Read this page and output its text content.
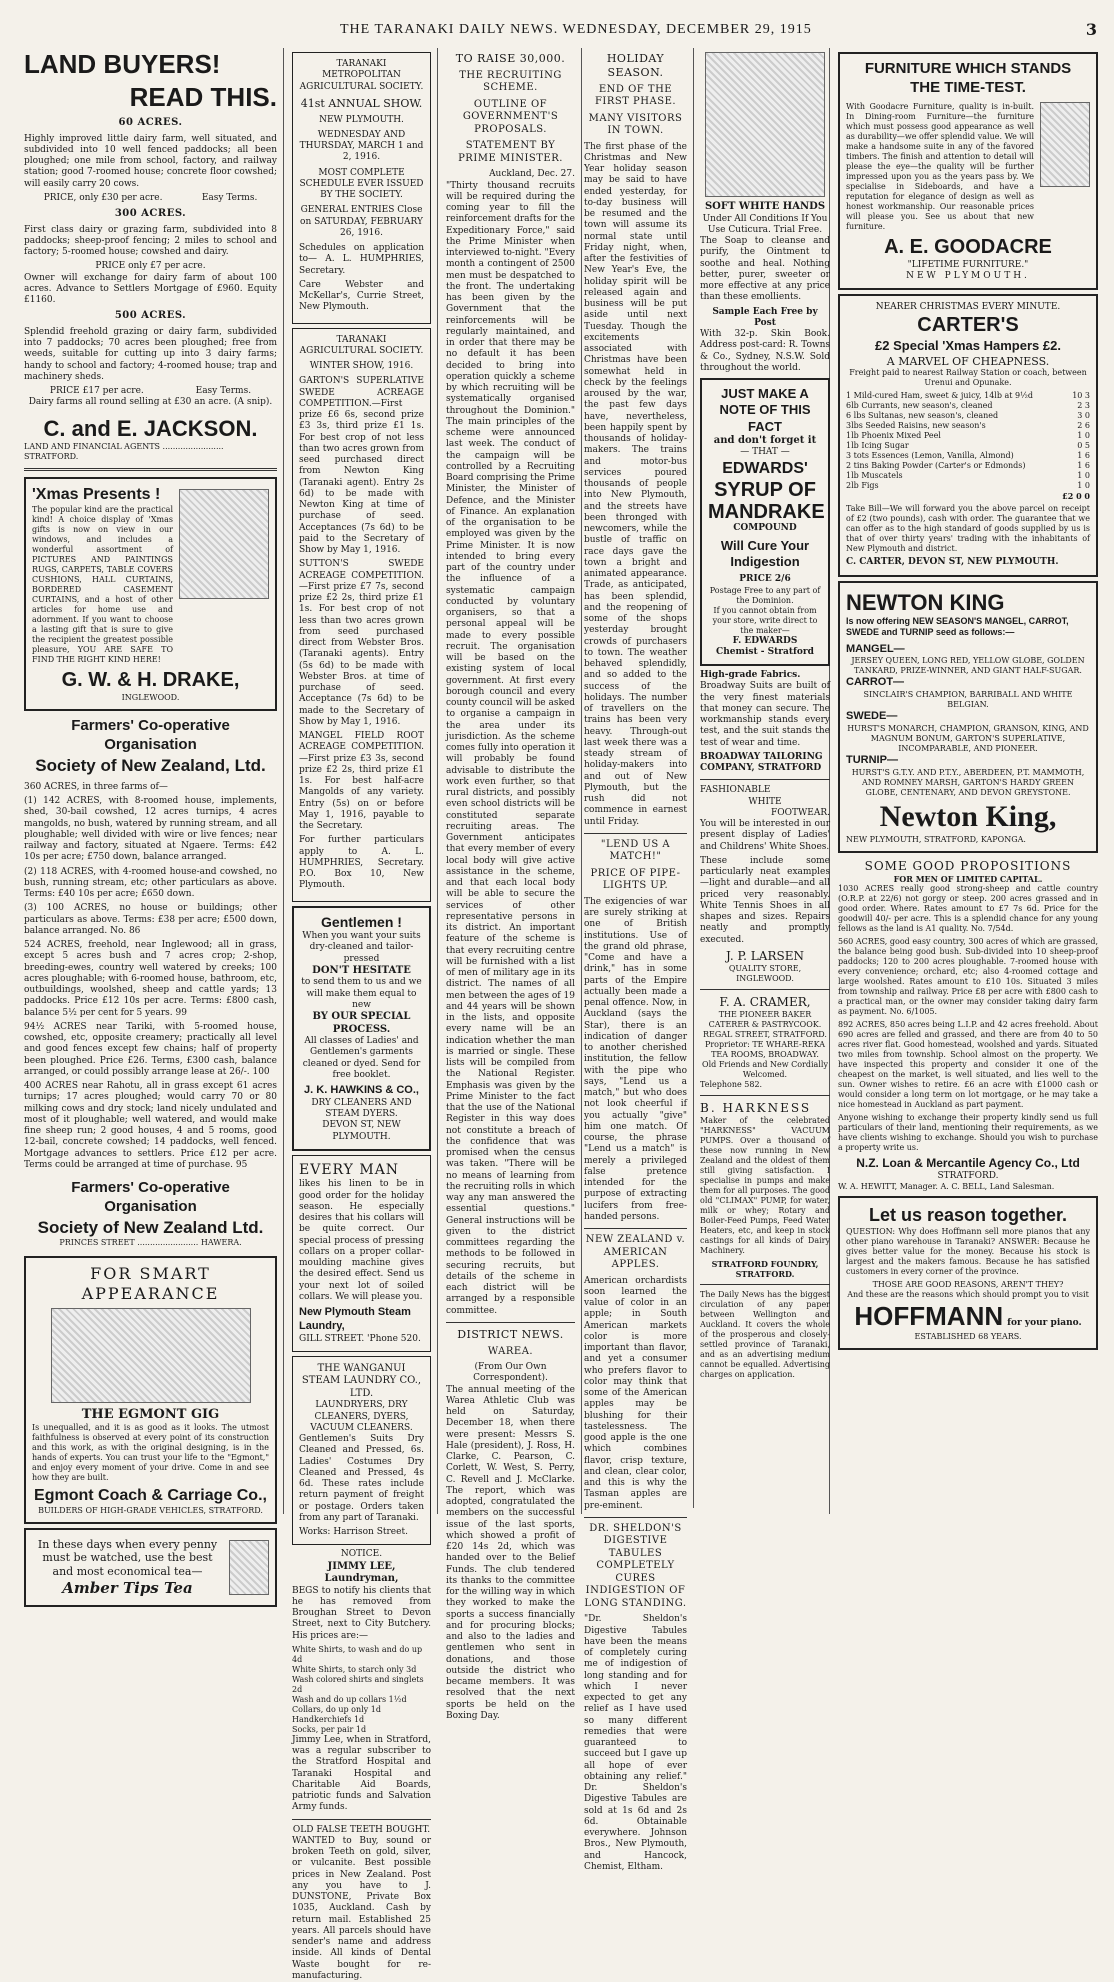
THE TARANAKI DAILY NEWS. WEDNESDAY, DECEMBER 29, 1915	3
LAND BUYERS!
READ THIS.
60 ACRES.

Highly improved little dairy farm, well situated, and subdivided into 10 well fenced paddocks; all been ploughed; one mile from school, factory, and railway station; good 7-roomed house; concrete floor cowshed; will easily carry 20 cows.

PRICE, only £30 per acre.	Easy Terms.
300 ACRES.

First class dairy or grazing farm, subdivided into 8 paddocks; sheep-proof fencing; 2 miles to school and factory; 5-roomed house; cowshed and dairy.

PRICE only £7 per acre.

Owner will exchange for dairy farm of about 100 acres. Advance to Settlers Mortgage of £960. Equity £1160.

500 ACRES.

Splendid freehold grazing or dairy farm, subdivided into 7 paddocks; 70 acres been ploughed; free from weeds, suitable for cutting up into 3 dairy farms; handy to school and factory; 4-roomed house; trap and machinery sheds.

PRICE £17 per acre.	Easy Terms.
Dairy farms all round selling at £30 an acre. (A snip).
C. and E. JACKSON.
LAND AND FINANCIAL AGENTS ........................ STRATFORD.
'Xmas Presents !

The popular kind are the practical kind! A choice display of 'Xmas gifts is now on view in our windows, and includes a wonderful assortment of PICTURES AND PAINTINGS RUGS, CARPETS, TABLE COVERS CUSHIONS, HALL CURTAINS, BORDERED CASEMENT CURTAINS, and a host of other articles for home use and adornment. If you want to choose a lasting gift that is sure to give the recipient the greatest possible pleasure, YOU ARE SAFE TO FIND THE RIGHT KIND HERE!

G. W. & H. DRAKE,
INGLEWOOD.
Farmers' Co-operative Organisation
Society of New Zealand, Ltd.

360 ACRES, in three farms of—

(1) 142 ACRES, with 8-roomed house, implements, shed, 30-bail cowshed, 12 acres turnips, 4 acres mangolds, no bush, watered by running stream, and all ploughable; well divided with wire or live fences; near railway and factory, situated at Ngaere. Terms: £42 10s per acre; £750 down, balance arranged.

(2) 118 ACRES, with 4-roomed house-and cowshed, no bush, running stream, etc; other particulars as above. Terms: £40 10s per acre; £650 down.

(3) 100 ACRES, no house or buildings; other particulars as above. Terms: £38 per acre; £500 down, balance arranged. No. 86

524 ACRES, freehold, near Inglewood; all in grass, except 5 acres bush and 7 acres crop; 2-shop, breeding-ewes, country well watered by creeks; 100 acres ploughable; with 6-roomed house, bathroom, etc, outbuildings, woolshed, sheep and cattle yards; 13 paddocks. Price £12 10s per acre. Terms: £800 cash, balance 5½ per cent for 5 years. 99

94½ ACRES near Tariki, with 5-roomed house, cowshed, etc, opposite creamery; practically all level and good fences except few chains; half of property been ploughed. Price £26. Terms, £300 cash, balance arranged, or could possibly arrange lease at 26/-. 100

400 ACRES near Rahotu, all in grass except 61 acres turnips; 17 acres ploughed; would carry 70 or 80 milking cows and dry stock; land nicely undulated and most of it ploughable; well watered, and would make fine sheep run; 2 good houses, 4 and 5 rooms, good 12-bail, concrete cowshed; 14 paddocks, well fenced. Mortgage advances to settlers. Price £12 per acre. Terms could be arranged at time of purchase. 95

Farmers' Co-operative Organisation
Society of New Zealand Ltd.
PRINCES STREET ........................ HAWERA.
FOR SMART APPEARANCE
THE EGMONT GIG

Is unequalled, and it is as good as it looks. The utmost faithfulness is observed at every point of its construction and this work, as with the original designing, is in the hands of experts. You can trust your life to the "Egmont," and enjoy every moment of your drive. Come in and see how they are built.

Egmont Coach & Carriage Co.,
BUILDERS OF HIGH-GRADE VEHICLES, STRATFORD.
In these days when every penny must be watched, use the best and most economical tea—
Amber Tips Tea
TARANAKI METROPOLITAN AGRICULTURAL SOCIETY.
41st ANNUAL SHOW.
NEW PLYMOUTH.
WEDNESDAY AND THURSDAY, MARCH 1 and 2, 1916.
MOST COMPLETE SCHEDULE EVER ISSUED BY THE SOCIETY.
GENERAL ENTRIES Close on SATURDAY, FEBRUARY 26, 1916.

Schedules on application to— A. L. HUMPHRIES, Secretary.

Care Webster and McKellar's, Currie Street, New Plymouth.

TARANAKI AGRICULTURAL SOCIETY.
WINTER SHOW, 1916.

GARTON'S SUPERLATIVE SWEDE ACREAGE COMPETITION.—First prize £6 6s, second prize £3 3s, third prize £1 1s. For best crop of not less than two acres grown from seed purchased direct from Newton King (Taranaki agent). Entry 2s 6d) to be made with Newton King at time of purchase of seed. Acceptances (7s 6d) to be paid to the Secretary of Show by May 1, 1916.

SUTTON'S SWEDE ACREAGE COMPETITION.—First prize £7 7s, second prize £2 2s, third prize £1 1s. For best crop of not less than two acres grown from seed purchased direct from Webster Bros. (Taranaki agents). Entry (5s 6d) to be made with Webster Bros. at time of purchase of seed. Acceptance (7s 6d) to be made to the Secretary of Show by May 1, 1916.

MANGEL FIELD ROOT ACREAGE COMPETITION.—First prize £3 3s, second prize £2 2s, third prize £1 1s. For best half-acre Mangolds of any variety. Entry (5s) on or before May 1, 1916, payable to the Secretary.

For further particulars apply to A. L. HUMPHRIES, Secretary. P.O. Box 10, New Plymouth.

Gentlemen !
When you want your suits dry-cleaned and tailor-pressed
DON'T HESITATE
to send them to us and we will make them equal to new
BY OUR SPECIAL PROCESS.
All classes of Ladies' and Gentlemen's garments cleaned or dyed. Send for free booklet.
J. K. HAWKINS & CO.,
DRY CLEANERS AND STEAM DYERS.
DEVON ST, NEW PLYMOUTH.
EVERY MAN

likes his linen to be in good order for the holiday season. He especially desires that his collars will be quite correct. Our special process of pressing collars on a proper collar-moulding machine gives the desired effect. Send us your next lot of soiled collars. We will please you.

New Plymouth Steam Laundry,
GILL STREET. 'Phone 520.
THE WANGANUI STEAM LAUNDRY CO., LTD.
LAUNDRYERS, DRY CLEANERS, DYERS, VACUUM CLEANERS.

Gentlemen's Suits Dry Cleaned and Pressed, 6s. Ladies' Costumes Dry Cleaned and Pressed, 4s 6d. These rates include return payment of freight or postage. Orders taken from any part of Taranaki.

Works: Harrison Street.
NOTICE.
JIMMY LEE, Laundryman,

BEGS to notify his clients that he has removed from Broughan Street to Devon Street, next to City Butchery. His prices are:—

White Shirts, to wash and do up 4d
White Shirts, to starch only 3d
Wash colored shirts and singlets 2d
Wash and do up collars 1½d
Collars, do up only 1d
Handkerchiefs 1d
Socks, per pair 1d

Jimmy Lee, when in Stratford, was a regular subscriber to the Stratford Hospital and Taranaki Hospital and Charitable Aid Boards, patriotic funds and Salvation Army funds.

OLD FALSE TEETH BOUGHT.

WANTED to Buy, sound or broken Teeth on gold, silver, or vulcanite. Best possible prices in New Zealand. Post any you have to J. DUNSTONE, Private Box 1035, Auckland. Cash by return mail. Established 25 years. All parcels should have sender's name and address inside. All kinds of Dental Waste bought for re-manufacturing.

TO RAISE 30,000.
THE RECRUITING SCHEME.
OUTLINE OF GOVERNMENT'S PROPOSALS.
STATEMENT BY PRIME MINISTER.
Auckland, Dec. 27.

"Thirty thousand recruits will be required during the coming year to fill the reinforcement drafts for the Expeditionary Force," said the Prime Minister when interviewed to-night. "Every month a contingent of 2500 men must be despatched to the front. The undertaking has been given by the Government that the reinforcements will be regularly maintained, and in order that there may be no default it has been decided to bring into operation quickly a scheme by which recruiting will be systematically organised throughout the Dominion." The main principles of the scheme were announced last week. The conduct of the campaign will be controlled by a Recruiting Board comprising the Prime Minister, the Minister of Defence, and the Minister of Finance. An explanation of the organisation to be employed was given by the Prime Minister. It is now intended to bring every part of the country under the influence of a systematic campaign conducted by voluntary organisers, so that a personal appeal will be made to every possible recruit. The organisation will be based on the existing system of local government. At first every borough council and every county council will be asked to organise a campaign in the area under its jurisdiction. As the scheme comes fully into operation it will probably be found advisable to distribute the work even further, so that rural districts, and possibly even school districts will be constituted separate recruiting areas. The Government anticipates that every member of every local body will give active assistance in the scheme, and that each local body will be able to secure the services of other representative persons in its district. An important feature of the scheme is that every recruiting centre will be furnished with a list of men of military age in its district. The names of all men between the ages of 19 and 44 years will be shown in the lists, and opposite every name will be an indication whether the man is married or single. These lists will be compiled from the National Register. Emphasis was given by the Prime Minister to the fact that the use of the National Register in this way does not constitute a breach of the confidence that was promised when the census was taken. "There will be no means of learning from the recruiting rolls in which way any man answered the essential questions." General instructions will be given to the district committees regarding the methods to be followed in securing recruits, but details of the scheme in each district will be arranged by a responsible committee.

DISTRICT NEWS.
WAREA.
(From Our Own Correspondent).

The annual meeting of the Warea Athletic Club was held on Saturday, December 18, when there were present: Messrs S. Hale (president), J. Ross, H. Clarke, C. Pearson, C. Corlett, W. West, S. Perry, C. Revell and J. McClarke. The report, which was adopted, congratulated the members on the successful issue of the last sports, which showed a profit of £20 14s 2d, which was handed over to the Belief Funds. The club tendered its thanks to the committee for the willing way in which they worked to make the sports a success financially and for procuring blocks; and also to the ladies and gentlemen who sent in donations, and those outside the district who became members. It was resolved that the next sports be held on the Boxing Day.

HOLIDAY SEASON.
END OF THE FIRST PHASE.
MANY VISITORS IN TOWN.

The first phase of the Christmas and New Year holiday season may be said to have ended yesterday, for to-day business will be resumed and the town will assume its normal state until Friday night, when, after the festivities of New Year's Eve, the holiday spirit will be released again and business will be put aside until next Tuesday. Though the excitements associated with Christmas have been somewhat held in check by the feelings aroused by the war, the past few days have, nevertheless, been happily spent by thousands of holiday-makers. The trains and motor-bus services poured thousands of people into New Plymouth, and the streets have been thronged with newcomers, while the bustle of traffic on race days gave the town a bright and animated appearance. Trade, as anticipated, has been splendid, and the reopening of some of the shops yesterday brought crowds of purchasers to town. The weather behaved splendidly, and so added to the success of the holidays. The number of travellers on the trains has been very heavy. Through-out last week there was a steady stream of holiday-makers into and out of New Plymouth, but the rush did not commence in earnest until Friday.

"LEND US A MATCH!"
PRICE OF PIPE-LIGHTS UP.

The exigencies of war are surely striking at one of British institutions. Use of the grand old phrase, "Come and have a drink," has in some parts of the Empire actually been made a penal offence. Now, in Auckland (says the Star), there is an indication of danger to another cherished institution, the fellow with the pipe who says, "Lend us a match," but who does not look cheerful if you actually "give" him one match. Of course, the phrase "Lend us a match" is merely a privileged false pretence intended for the purpose of extracting lucifers from free-handed persons.

NEW ZEALAND v. AMERICAN APPLES.

American orchardists soon learned the value of color in an apple; in South American markets color is more important than flavor, and yet a consumer who prefers flavor to color may think that some of the American apples may be blushing for their tastelessness. The good apple is the one which combines flavor, crisp texture, and clean, clear color, and this is why the Tasman apples are pre-eminent.

DR. SHELDON'S DIGESTIVE TABULES COMPLETELY CURES INDIGESTION OF LONG STANDING.

"Dr. Sheldon's Digestive Tabules have been the means of completely curing me of indigestion of long standing and for which I never expected to get any relief as I have used so many different remedies that were guaranteed to succeed but I gave up all hope of ever obtaining any relief." Dr. Sheldon's Digestive Tabules are sold at 1s 6d and 2s 6d. Obtainable everywhere. Johnson Bros., New Plymouth, and Hancock, Chemist, Eltham.

SOFT WHITE HANDS
Under All Conditions If You Use Cuticura. Trial Free.

The Soap to cleanse and purify, the Ointment to soothe and heal. Nothing better, purer, sweeter or more effective at any price than these emollients.

Sample Each Free by Post

With 32-p. Skin Book. Address post-card: R. Towns & Co., Sydney, N.S.W. Sold throughout the world.

JUST MAKE A NOTE OF THIS FACT
and don't forget it
— THAT —
EDWARDS'
SYRUP OF MANDRAKE
COMPOUND
Will Cure Your Indigestion
PRICE 2/6
Postage Free to any part of the Dominion.
If you cannot obtain from your store, write direct to the maker—
F. EDWARDS
Chemist - Stratford
High-grade Fabrics.

Broadway Suits are built of the very finest materials that money can secure. The workmanship stands every test, and the suit stands the test of wear and time.

BROADWAY TAILORING COMPANY, STRATFORD
FASHIONABLE
WHITE
FOOTWEAR.

You will be interested in our present display of Ladies' and Childrens' White Shoes.

These include some particularly neat examples—light and durable—and all priced very reasonably. White Tennis Shoes in all shapes and sizes. Repairs neatly and promptly executed.

J. P. LARSEN
QUALITY STORE, INGLEWOOD.
F. A. CRAMER,
THE PIONEER BAKER CATERER & PASTRYCOOK.
REGAL STREET, STRATFORD.
Proprietor: TE WHARE-REKA TEA ROOMS, BROADWAY.
Old Friends and New Cordially Welcomed.
Telephone 582.
B. HARKNESS

Maker of the celebrated "HARKNESS" VACUUM PUMPS. Over a thousand of these now running in New Zealand and the oldest of them still giving satisfaction. I specialise in pumps and make them for all purposes. The good old "CLIMAX" PUMP, for water, milk or whey; Rotary and Boiler-Feed Pumps, Feed Water Heaters, etc, and keep in stock castings for all kinds of Dairy Machinery.

STRATFORD FOUNDRY, STRATFORD.

The Daily News has the biggest circulation of any paper between Wellington and Auckland. It covers the whole of the prosperous and closely-settled province of Taranaki, and as an advertising medium cannot be equalled. Advertising charges on application.

FURNITURE WHICH STANDS
THE TIME-TEST.

With Goodacre Furniture, quality is in-built. In Dining-room Furniture—the furniture which must possess good appearance as well as durability—we offer splendid value. We will make a handsome suite in any of the favored timbers. The finish and attention to detail will please the eye—the quality will be further impressed upon you as the years pass by. We specialise in Sideboards, and have a reputation for elegance of design as well as honest workmanship. Our reasonable prices will please you. See us about that new furniture.

A. E. GOODACRE
"LIFETIME FURNITURE."
NEW PLYMOUTH.
NEARER CHRISTMAS EVERY MINUTE.
CARTER'S
£2 Special 'Xmas Hampers £2.
A MARVEL OF CHEAPNESS.
Freight paid to nearest Railway Station or coach, between Urenui and Opunake.
1 Mild-cured Ham, sweet & juicy, 14lb at 9½d	10 3
6lb Currants, new season's, cleaned	2 3
6 lbs Sultanas, new season's, cleaned	3 0
3lbs Seeded Raisins, new season's	2 6
1lb Phoenix Mixed Peel	1 0
1lb Icing Sugar	0 5
3 tots Essences (Lemon, Vanilla, Almond)	1 6
2 tins Baking Powder (Carter's or Edmonds)	1 6
1lb Muscatels	1 0
2lb Figs	1 0
£2 0 0

Take Bill—We will forward you the above parcel on receipt of £2 (two pounds), cash with order. The guarantee that we can offer as to the high standard of goods supplied by us is that of over thirty years' trading with the inhabitants of New Plymouth and district.

C. CARTER, DEVON ST, NEW PLYMOUTH.
NEWTON KING
Is now offering NEW SEASON'S MANGEL, CARROT, SWEDE and TURNIP seed as follows:—
MANGEL—
JERSEY QUEEN, LONG RED, YELLOW GLOBE, GOLDEN TANKARD, PRIZE-WINNER, AND GIANT HALF-SUGAR.
CARROT—
SINCLAIR'S CHAMPION, BARRIBALL AND WHITE BELGIAN.
SWEDE—
HURST'S MONARCH, CHAMPION, GRANSON, KING, AND MAGNUM BONUM, GARTON'S SUPERLATIVE, INCOMPARABLE, AND PIONEER.
TURNIP—
HURST'S G.T.Y. AND P.T.Y., ABERDEEN, P.T. MAMMOTH, AND ROMNEY MARSH, GARTON'S HARDY GREEN GLOBE, CENTENARY, AND DEVON GREYSTONE.
Newton King,
NEW PLYMOUTH, STRATFORD, KAPONGA.
SOME GOOD PROPOSITIONS
FOR MEN OF LIMITED CAPITAL.

1030 ACRES really good strong-sheep and cattle country (O.R.P. at 22/6) not gorgy or steep. 200 acres grassed and in good order. Where. Rates amount to £7 7s 6d. Price for the goodwill 40/- per acre. This is a splendid chance for any young fellows as the land is A1 quality. No. 7/54d.

560 ACRES, good easy country, 300 acres of which are grassed, the balance being good bush. Sub-divided into 10 sheep-proof paddocks; 120 to 200 acres ploughable. 7-roomed house with every convenience; orchard, etc; also 4-roomed cottage and large woolshed. Rates amount to £10 10s. Situated 3 miles from township and railway. Price £8 per acre with £800 cash to a practical man, or the owner may consider taking dairy farm as payment. No. 6/1005.

892 ACRES, 850 acres being L.I.P. and 42 acres freehold. About 690 acres are felled and grassed, and there are from 40 to 50 acres river flat. Good homestead, woolshed and yards. Situated two miles from township. School almost on the property. We have inspected this property and consider it one of the cheapest on the market, is well situated, and lies well to the sun. Owner wishes to retire. £6 an acre with £1000 cash or would consider a long term on lot mortgage, or he may take a nice homestead in Auckland as part payment.

Anyone wishing to exchange their property kindly send us full particulars of their land, mentioning their requirements, as we have clients wishing to exchange. Should you wish to purchase a property write us.

N.Z. Loan & Mercantile Agency Co., Ltd
STRATFORD.
W. A. HEWITT, Manager. A. C. BELL, Land Salesman.
Let us reason together.

QUESTION: Why does Hoffmann sell more pianos that any other piano warehouse in Taranaki? ANSWER: Because he gives better value for the money. Because his stock is largest and the makers famous. Because he has satisfied customers in every corner of the province.

THOSE ARE GOOD REASONS, AREN'T THEY?
And these are the reasons which should prompt you to visit
HOFFMANN for your piano.
ESTABLISHED 68 YEARS.
